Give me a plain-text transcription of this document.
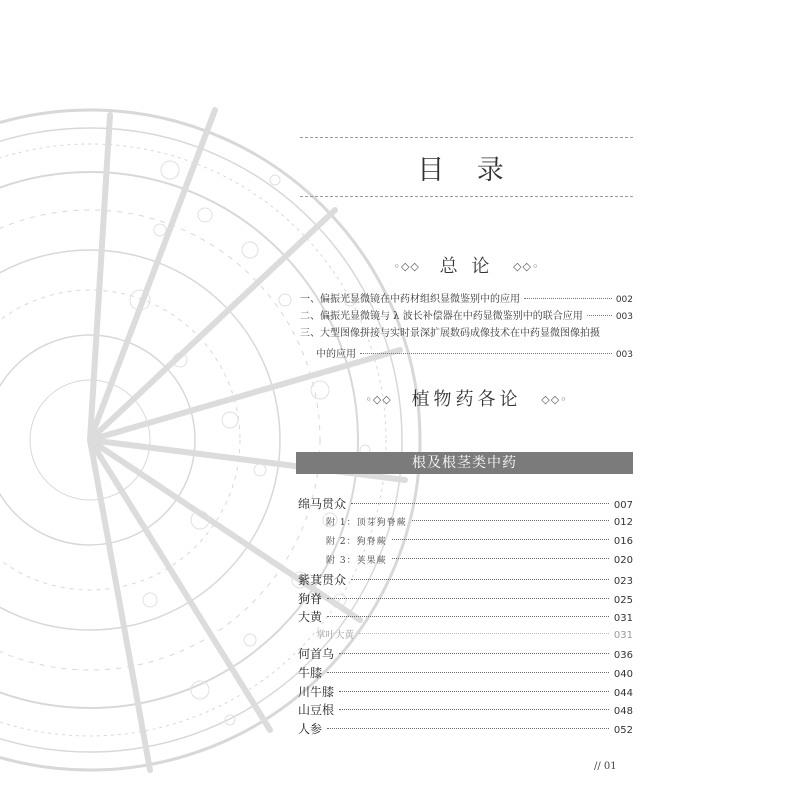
目 录
◦◇◇ 总 论 ◇◇◦
一、偏振光显微镜在中药材组织显微鉴别中的应用	002
二、偏振光显微镜与 λ 波长补偿器在中药显微鉴别中的联合应用	003
三、大型图像拼接与实时景深扩展数码成像技术在中药显微图像拍摄
中的应用	003
◦◇◇ 植物药各论 ◇◇◦
根及根茎类中药
绵马贯众	007
附 1：顶芽狗脊蕨	012
附 2：狗脊蕨	016
附 3：荚果蕨	020
紫萁贯众	023
狗脊	025
大黄	031
掌叶大黄	031
何首乌	036
牛膝	040
川牛膝	044
山豆根	048
人参	052
// 01
